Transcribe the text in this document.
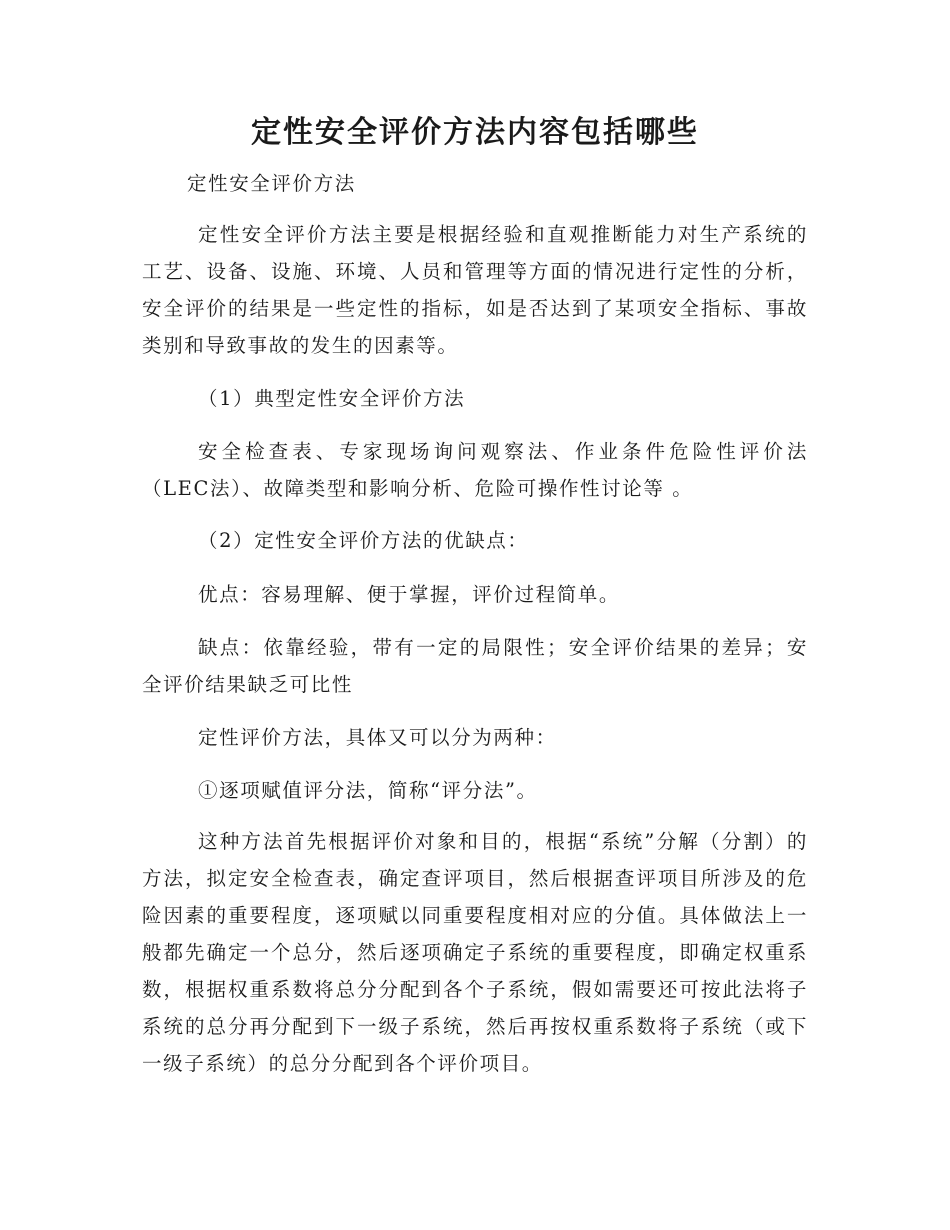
定性安全评价方法内容包括哪些
定性安全评价方法

定性安全评价方法主要是根据经验和直观推断能力对生产系统的工艺、设备、设施、环境、人员和管理等方面的情况进行定性的分析，安全评价的结果是一些定性的指标，如是否达到了某项安全指标、事故类别和导致事故的发生的因素等。

（1）典型定性安全评价方法

安全检查表、专家现场询问观察法、作业条件危险性评价法（LEC法）、故障类型和影响分析、危险可操作性讨论等 。

（2）定性安全评价方法的优缺点：

优点：容易理解、便于掌握，评价过程简单。

缺点：依靠经验，带有一定的局限性；安全评价结果的差异；安全评价结果缺乏可比性

定性评价方法，具体又可以分为两种：

①逐项赋值评分法，简称“评分法”。

这种方法首先根据评价对象和目的，根据“系统”分解（分割）的方法，拟定安全检查表，确定查评项目，然后根据查评项目所涉及的危险因素的重要程度，逐项赋以同重要程度相对应的分值。具体做法上一般都先确定一个总分，然后逐项确定子系统的重要程度，即确定权重系数，根据权重系数将总分分配到各个子系统，假如需要还可按此法将子系统的总分再分配到下一级子系统，然后再按权重系数将子系统（或下一级子系统）的总分分配到各个评价项目。
